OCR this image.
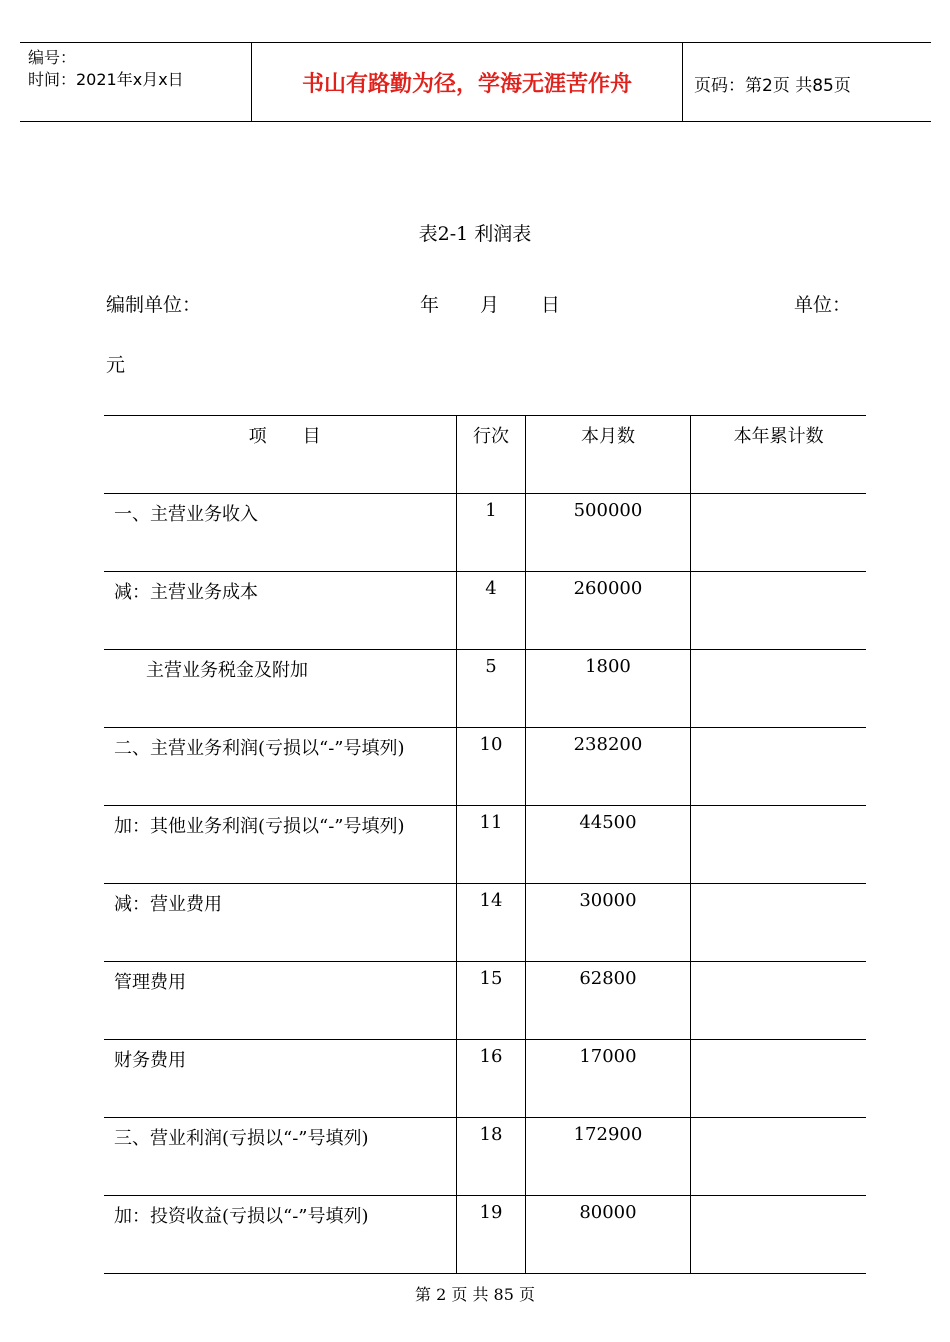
编号：
时间：2021年x月x日	书山有路勤为径，学海无涯苦作舟	页码：第2页 共85页
表2-1 利润表
编制单位：	年 月 日	单位：
元
项　　目	行次	本月数	本年累计数
一、主营业务收入	1	500000	
减：主营业务成本	4	260000	
主营业务税金及附加	5	1800	
二、主营业务利润(亏损以“-”号填列)	10	238200	
加：其他业务利润(亏损以“-”号填列)	11	44500	
减：营业费用	14	30000	
管理费用	15	62800	
财务费用	16	17000	
三、营业利润(亏损以“-”号填列)	18	172900	
加：投资收益(亏损以“-”号填列)	19	80000	
第 2 页 共 85 页
